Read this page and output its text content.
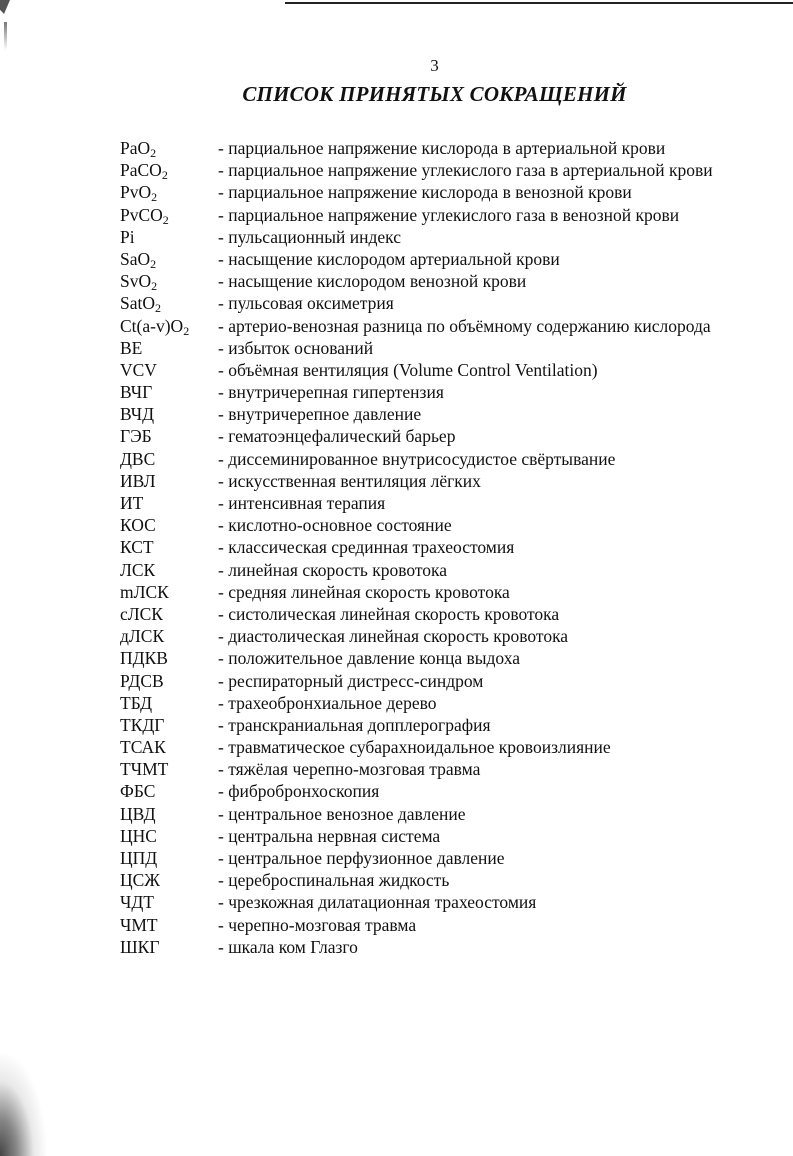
3
СПИСОК ПРИНЯТЫХ СОКРАЩЕНИЙ
PaO$_2$	- парциальное напряжение кислорода в артериальной крови
PaCO$_2$	- парциальное напряжение углекислого газа в артериальной крови
PvO$_2$	- парциальное напряжение кислорода в венозной крови
PvCO$_2$	- парциальное напряжение углекислого газа в венозной крови
Pi	- пульсационный индекс
SaO$_2$	- насыщение кислородом артериальной крови
SvO$_2$	- насыщение кислородом венозной крови
SatO$_2$	- пульсовая оксиметрия
$Ct(a-v)O_2$	- артерио-венозная разница по объёмному содержанию кислорода
BE	- избыток оснований
VCV	- объёмная вентиляция (Volume Control Ventilation)
ВЧГ	- внутричерепная гипертензия
ВЧД	- внутричерепное давление
ГЭБ	- гематоэнцефалический барьер
ДВС	- диссеминированное внутрисосудистое свёртывание
ИВЛ	- искусственная вентиляция лёгких
ИТ	- интенсивная терапия
КОС	- кислотно-основное состояние
КСТ	- классическая срединная трахеостомия
ЛСК	- линейная скорость кровотока
mЛСК	- средняя линейная скорость кровотока
сЛСК	- систолическая линейная скорость кровотока
дЛСК	- диастолическая линейная скорость кровотока
ПДКВ	- положительное давление конца выдоха
РДСВ	- респираторный дистресс-синдром
ТБД	- трахеобронхиальное дерево
ТКДГ	- транскраниальная допплерография
ТСАК	- травматическое субарахноидальное кровоизлияние
ТЧМТ	- тяжёлая черепно-мозговая травма
ФБС	- фибробронхоскопия
ЦВД	- центральное венозное давление
ЦНС	- центральна нервная система
ЦПД	- центральное перфузионное давление
ЦСЖ	- цереброспинальная жидкость
ЧДТ	- чрезкожная дилатационная трахеостомия
ЧМТ	- черепно-мозговая травма
ШКГ	- шкала ком Глазго
